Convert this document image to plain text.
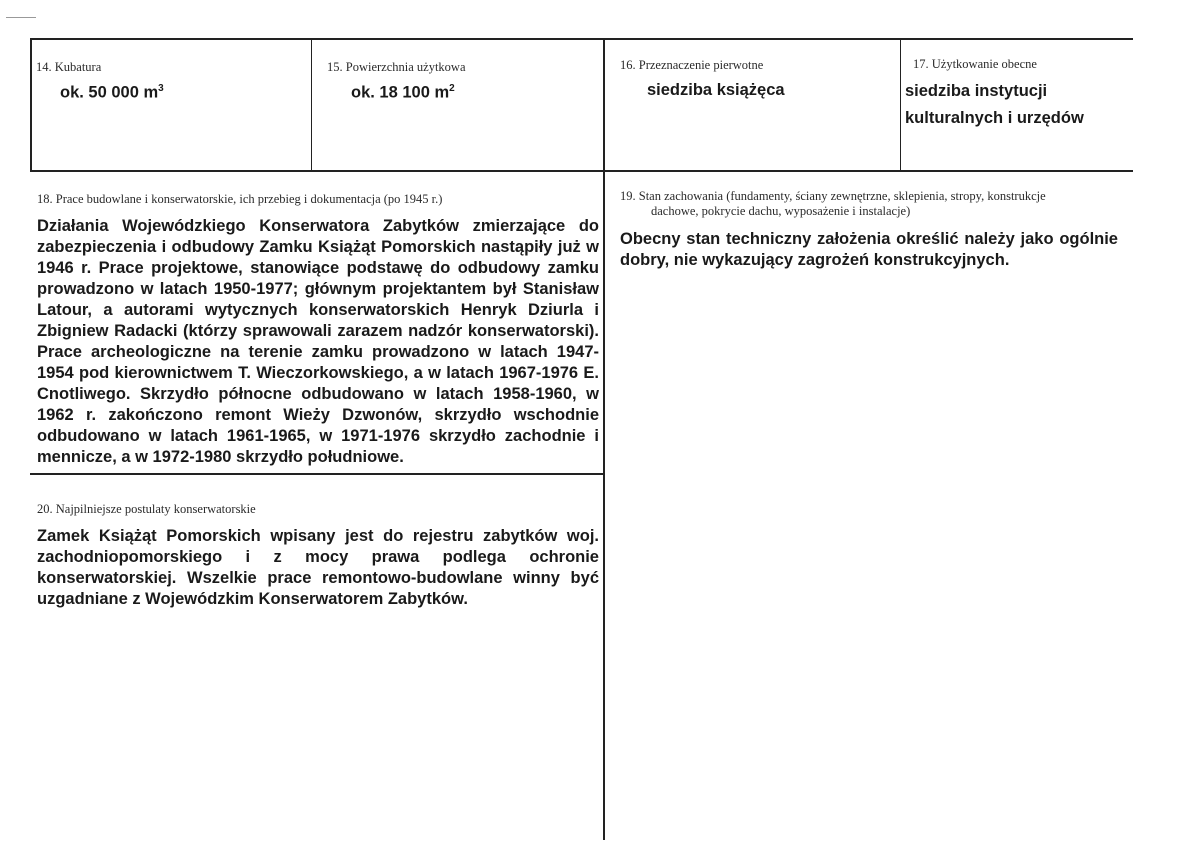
14. Kubatura
ok. 50 000 $m^3$
15. Powierzchnia użytkowa
ok. 18 100 $m^2$
16. Przeznaczenie pierwotne
siedziba książęca
17. Użytkowanie obecne
siedziba instytucji
kulturalnych i urzędów
18. Prace budowlane i konserwatorskie, ich przebieg i dokumentacja (po 1945 r.)
Działania Wojewódzkiego Konserwatora Zabytków zmierzające do zabezpieczenia i odbudowy Zamku Książąt Pomorskich nastąpiły już w 1946 r. Prace projektowe, stanowiące podstawę do odbudowy zamku prowadzono w latach 1950-1977; głównym projektantem był Stanisław Latour, a autorami wytycznych konserwatorskich Henryk Dziurla i Zbigniew Radacki (którzy sprawowali zarazem nadzór konserwatorski). Prace archeologiczne na terenie zamku prowadzono w latach 1947-1954 pod kierownictwem T. Wieczorkowskiego, a w latach 1967-1976 E. Cnotliwego. Skrzydło północne odbudowano w latach 1958-1960, w 1962 r. zakończono remont Wieży Dzwonów, skrzydło wschodnie odbudowano w latach 1961-1965, w 1971-1976 skrzydło zachodnie i mennicze, a w 1972-1980 skrzydło południowe.
19. Stan zachowania (fundamenty, ściany zewnętrzne, sklepienia, stropy, konstrukcje
dachowe, pokrycie dachu, wyposażenie i instalacje)
Obecny stan techniczny założenia określić należy jako ogólnie dobry, nie wykazujący zagrożeń konstrukcyjnych.
20. Najpilniejsze postulaty konserwatorskie
Zamek Książąt Pomorskich wpisany jest do rejestru zabytków woj. zachodniopomorskiego i z mocy prawa podlega ochronie konserwatorskiej. Wszelkie prace remontowo-budowlane winny być uzgadniane z Wojewódzkim Konserwatorem Zabytków.
